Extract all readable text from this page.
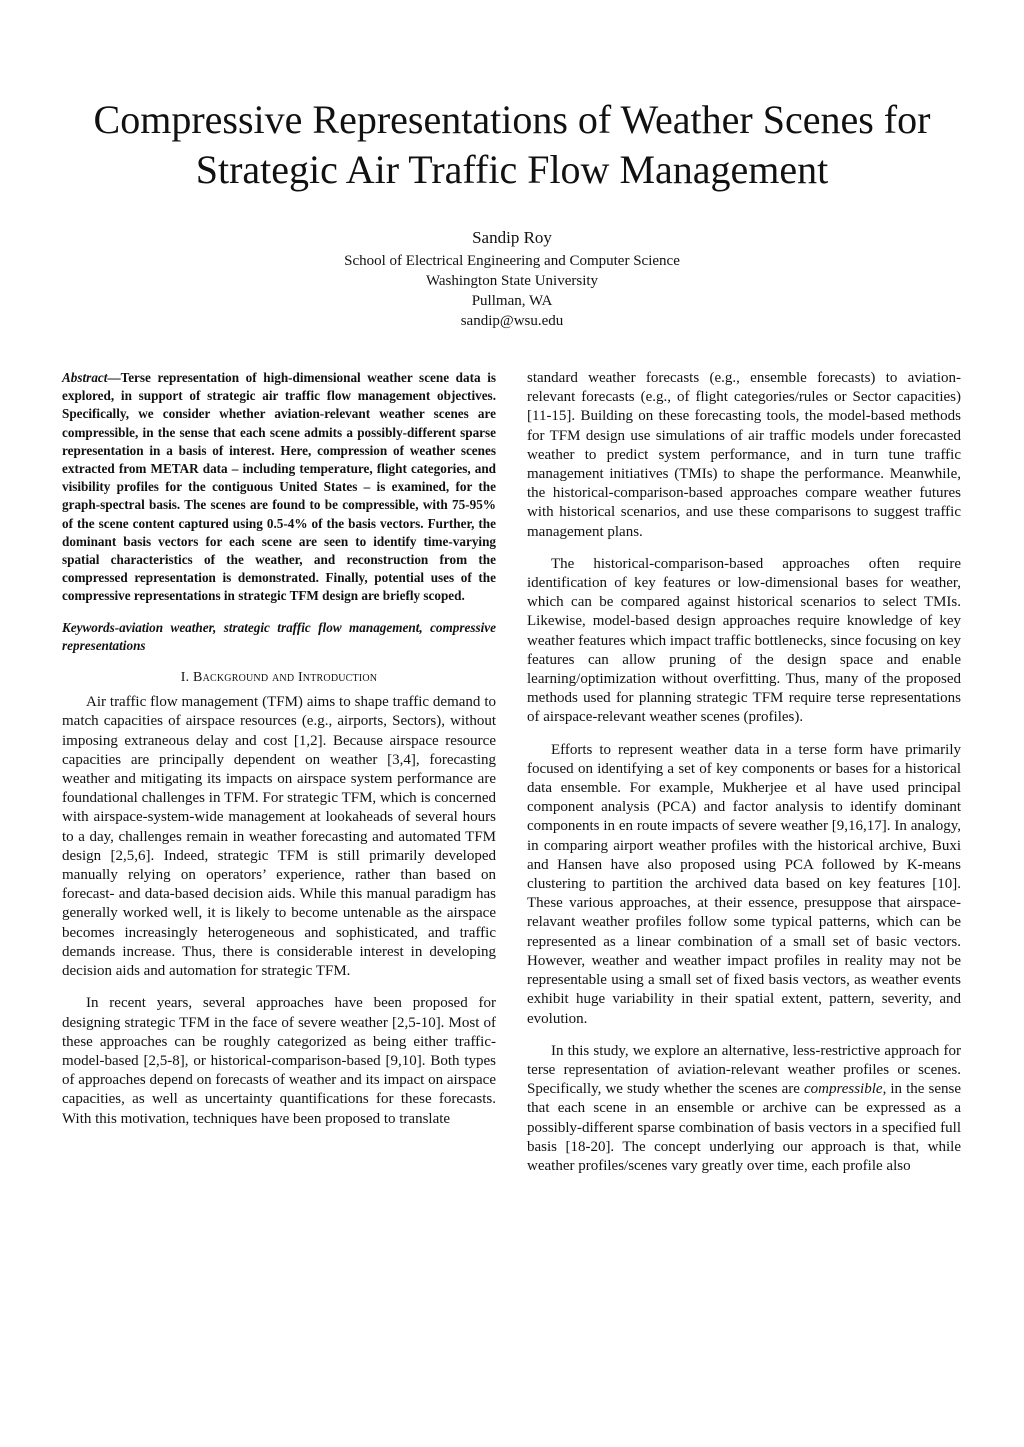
Compressive Representations of Weather Scenes for
Strategic Air Traffic Flow Management
Sandip Roy
School of Electrical Engineering and Computer Science
Washington State University
Pullman, WA
sandip@wsu.edu

Abstract—Terse representation of high-dimensional weather scene data is explored, in support of strategic air traffic flow management objectives. Specifically, we consider whether aviation-relevant weather scenes are compressible, in the sense that each scene admits a possibly-different sparse representation in a basis of interest. Here, compression of weather scenes extracted from METAR data – including temperature, flight categories, and visibility profiles for the contiguous United States – is examined, for the graph-spectral basis. The scenes are found to be compressible, with 75-95% of the scene content captured using 0.5-4% of the basis vectors. Further, the dominant basis vectors for each scene are seen to identify time-varying spatial characteristics of the weather, and reconstruction from the compressed representation is demonstrated. Finally, potential uses of the compressive representations in strategic TFM design are briefly scoped.

Keywords-aviation weather, strategic traffic flow management, compressive representations

I. Background and Introduction

Air traffic flow management (TFM) aims to shape traffic demand to match capacities of airspace resources (e.g., airports, Sectors), without imposing extraneous delay and cost [1,2]. Because airspace resource capacities are principally dependent on weather [3,4], forecasting weather and mitigating its impacts on airspace system performance are foundational challenges in TFM. For strategic TFM, which is concerned with airspace-system-wide management at lookaheads of several hours to a day, challenges remain in weather forecasting and automated TFM design [2,5,6]. Indeed, strategic TFM is still primarily developed manually relying on operators’ experience, rather than based on forecast- and data-based decision aids. While this manual paradigm has generally worked well, it is likely to become untenable as the airspace becomes increasingly heterogeneous and sophisticated, and traffic demands increase. Thus, there is considerable interest in developing decision aids and automation for strategic TFM.

In recent years, several approaches have been proposed for designing strategic TFM in the face of severe weather [2,5-10]. Most of these approaches can be roughly categorized as being either traffic-model-based [2,5-8], or historical-comparison-based [9,10]. Both types of approaches depend on forecasts of weather and its impact on airspace capacities, as well as uncertainty quantifications for these forecasts. With this motivation, techniques have been proposed to translate

standard weather forecasts (e.g., ensemble forecasts) to aviation-relevant forecasts (e.g., of flight categories/rules or Sector capacities) [11-15]. Building on these forecasting tools, the model-based methods for TFM design use simulations of air traffic models under forecasted weather to predict system performance, and in turn tune traffic management initiatives (TMIs) to shape the performance. Meanwhile, the historical-comparison-based approaches compare weather futures with historical scenarios, and use these comparisons to suggest traffic management plans.

The historical-comparison-based approaches often require identification of key features or low-dimensional bases for weather, which can be compared against historical scenarios to select TMIs. Likewise, model-based design approaches require knowledge of key weather features which impact traffic bottlenecks, since focusing on key features can allow pruning of the design space and enable learning/optimization without overfitting. Thus, many of the proposed methods used for planning strategic TFM require terse representations of airspace-relevant weather scenes (profiles).

Efforts to represent weather data in a terse form have primarily focused on identifying a set of key components or bases for a historical data ensemble. For example, Mukherjee et al have used principal component analysis (PCA) and factor analysis to identify dominant components in en route impacts of severe weather [9,16,17]. In analogy, in comparing airport weather profiles with the historical archive, Buxi and Hansen have also proposed using PCA followed by K-means clustering to partition the archived data based on key features [10]. These various approaches, at their essence, presuppose that airspace-relavant weather profiles follow some typical patterns, which can be represented as a linear combination of a small set of basic vectors. However, weather and weather impact profiles in reality may not be representable using a small set of fixed basis vectors, as weather events exhibit huge variability in their spatial extent, pattern, severity, and evolution.

In this study, we explore an alternative, less-restrictive approach for terse representation of aviation-relevant weather profiles or scenes. Specifically, we study whether the scenes are compressible, in the sense that each scene in an ensemble or archive can be expressed as a possibly-different sparse combination of basis vectors in a specified full basis [18-20]. The concept underlying our approach is that, while weather profiles/scenes vary greatly over time, each profile also
